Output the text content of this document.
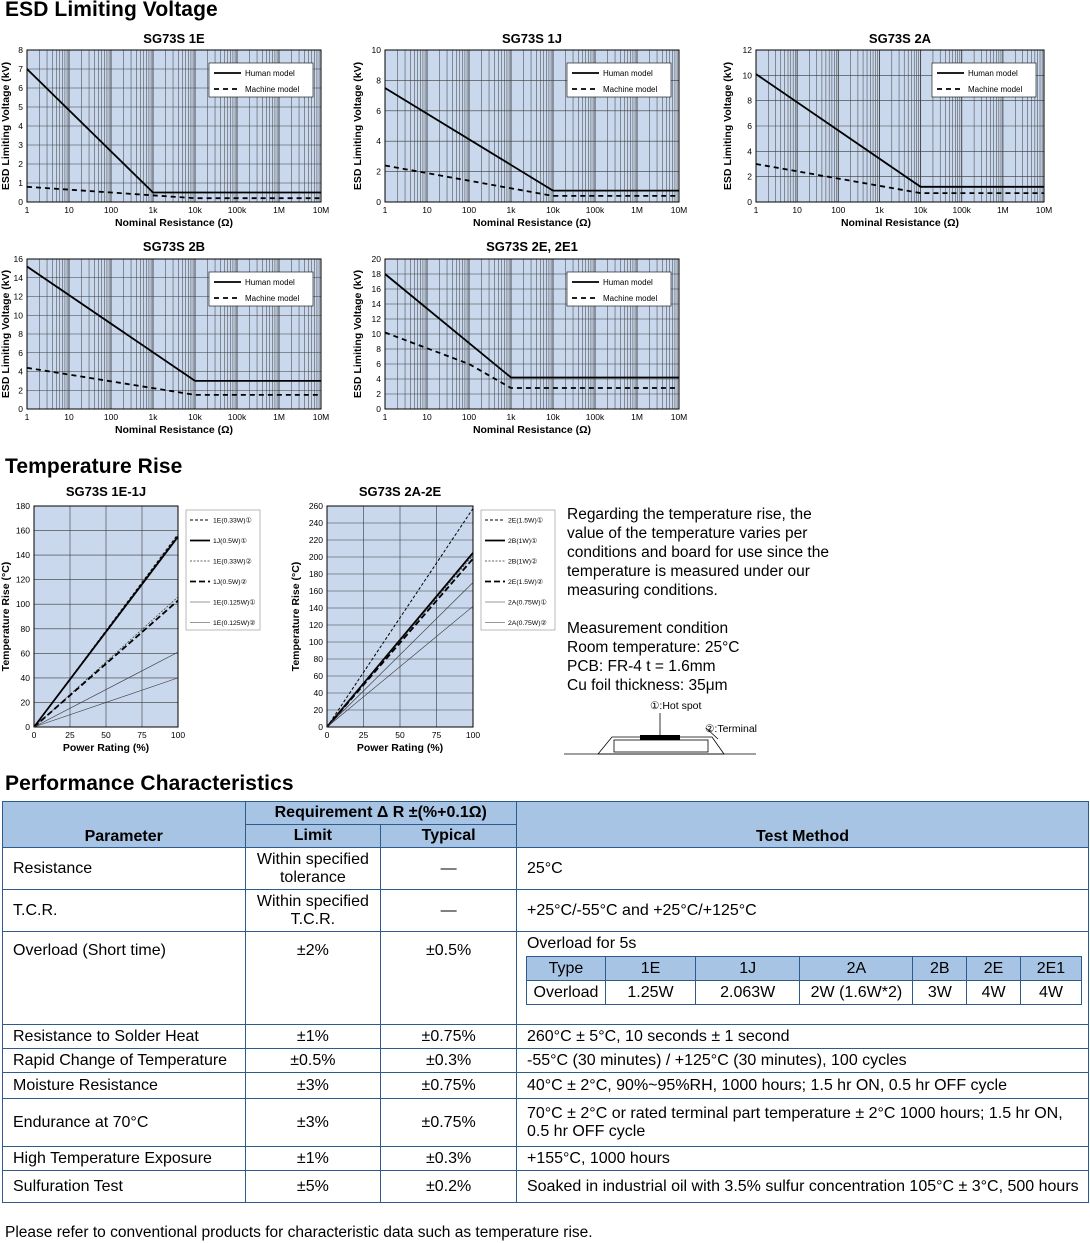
ESD Limiting Voltage
Temperature Rise
Performance Characteristics
SG73S 1E
1	10	100	1k	10k	100k	1M	10M
0
1
2
3
4
5
6
7
8
Nominal Resistance (Ω)
ESD Limiting Voltage (kV)	Human model
Machine model
SG73S 1J
1	10	100	1k	10k	100k	1M	10M
0
2
4
6
8
10
Nominal Resistance (Ω)
ESD Limiting Voltage (kV)	Human model
Machine model
SG73S 2A
1	10	100	1k	10k	100k	1M	10M
0
2
4
6
8
10
12
Nominal Resistance (Ω)
ESD Limiting Voltage (kV)	Human model
Machine model
SG73S 2B
1	10	100	1k	10k	100k	1M	10M
0
2
4
6
8
10
12
14
16
Nominal Resistance (Ω)
ESD Limiting Voltage (kV)	Human model
Machine model
SG73S 2E, 2E1
1	10	100	1k	10k	100k	1M	10M
0
2
4
6
8
10
12
14
16
18
20
Nominal Resistance (Ω)
ESD Limiting Voltage (kV)	Human model
Machine model
SG73S 1E-1J
0	25	50	75	100
0
20
40
60
80
100
120
140
160
180
Power Rating (%)
Temperature Rise (°C)
1E(0.33W)①
1J(0.5W)①
1E(0.33W)②
1J(0.5W)②
1E(0.125W)①
1E(0.125W)②
SG73S 2A-2E
0	25	50	75	100
0
20
40
60
80
100
120
140
160
180
200
220
240
260
Power Rating (%)
Temperature Rise (°C)
2E(1.5W)①
2B(1W)①
2B(1W)②
2E(1.5W)②
2A(0.75W)①
2A(0.75W)②

Regarding the temperature rise, the

value of the temperature varies per

conditions and board for use since the

temperature is measured under our

measuring conditions.

Measurement condition

Room temperature: 25°C

PCB: FR-4 t = 1.6mm

Cu foil thickness: 35μm

①:Hot spot
②:Terminal
Parameter	Requirement Δ R ±(%+0.1Ω)	Test Method
Limit	Typical
Resistance	Within specified tolerance	—	25°C
T.C.R.	Within specified T.C.R.	—	+25°C/-55°C and +25°C/+125°C
Overload (Short time)	±2%	±0.5%	Overload for 5s
Type	1E	1J	2A	2B	2E	2E1
Overload	1.25W	2.063W	2W (1.6W*2)	3W	4W	4W

Resistance to Solder Heat	±1%	±0.75%	260°C ± 5°C, 10 seconds ± 1 second
Rapid Change of Temperature	±0.5%	±0.3%	-55°C (30 minutes) / +125°C (30 minutes), 100 cycles
Moisture Resistance	±3%	±0.75%	40°C ± 2°C, 90%~95%RH, 1000 hours; 1.5 hr ON, 0.5 hr OFF cycle
Endurance at 70°C	±3%	±0.75%	70°C ± 2°C or rated terminal part temperature ± 2°C 1000 hours; 1.5 hr ON, 0.5 hr OFF cycle
High Temperature Exposure	±1%	±0.3%	+155°C, 1000 hours
Sulfuration Test	±5%	±0.2%	Soaked in industrial oil with 3.5% sulfur concentration 105°C ± 3°C, 500 hours
Please refer to conventional products for characteristic data such as temperature rise.
